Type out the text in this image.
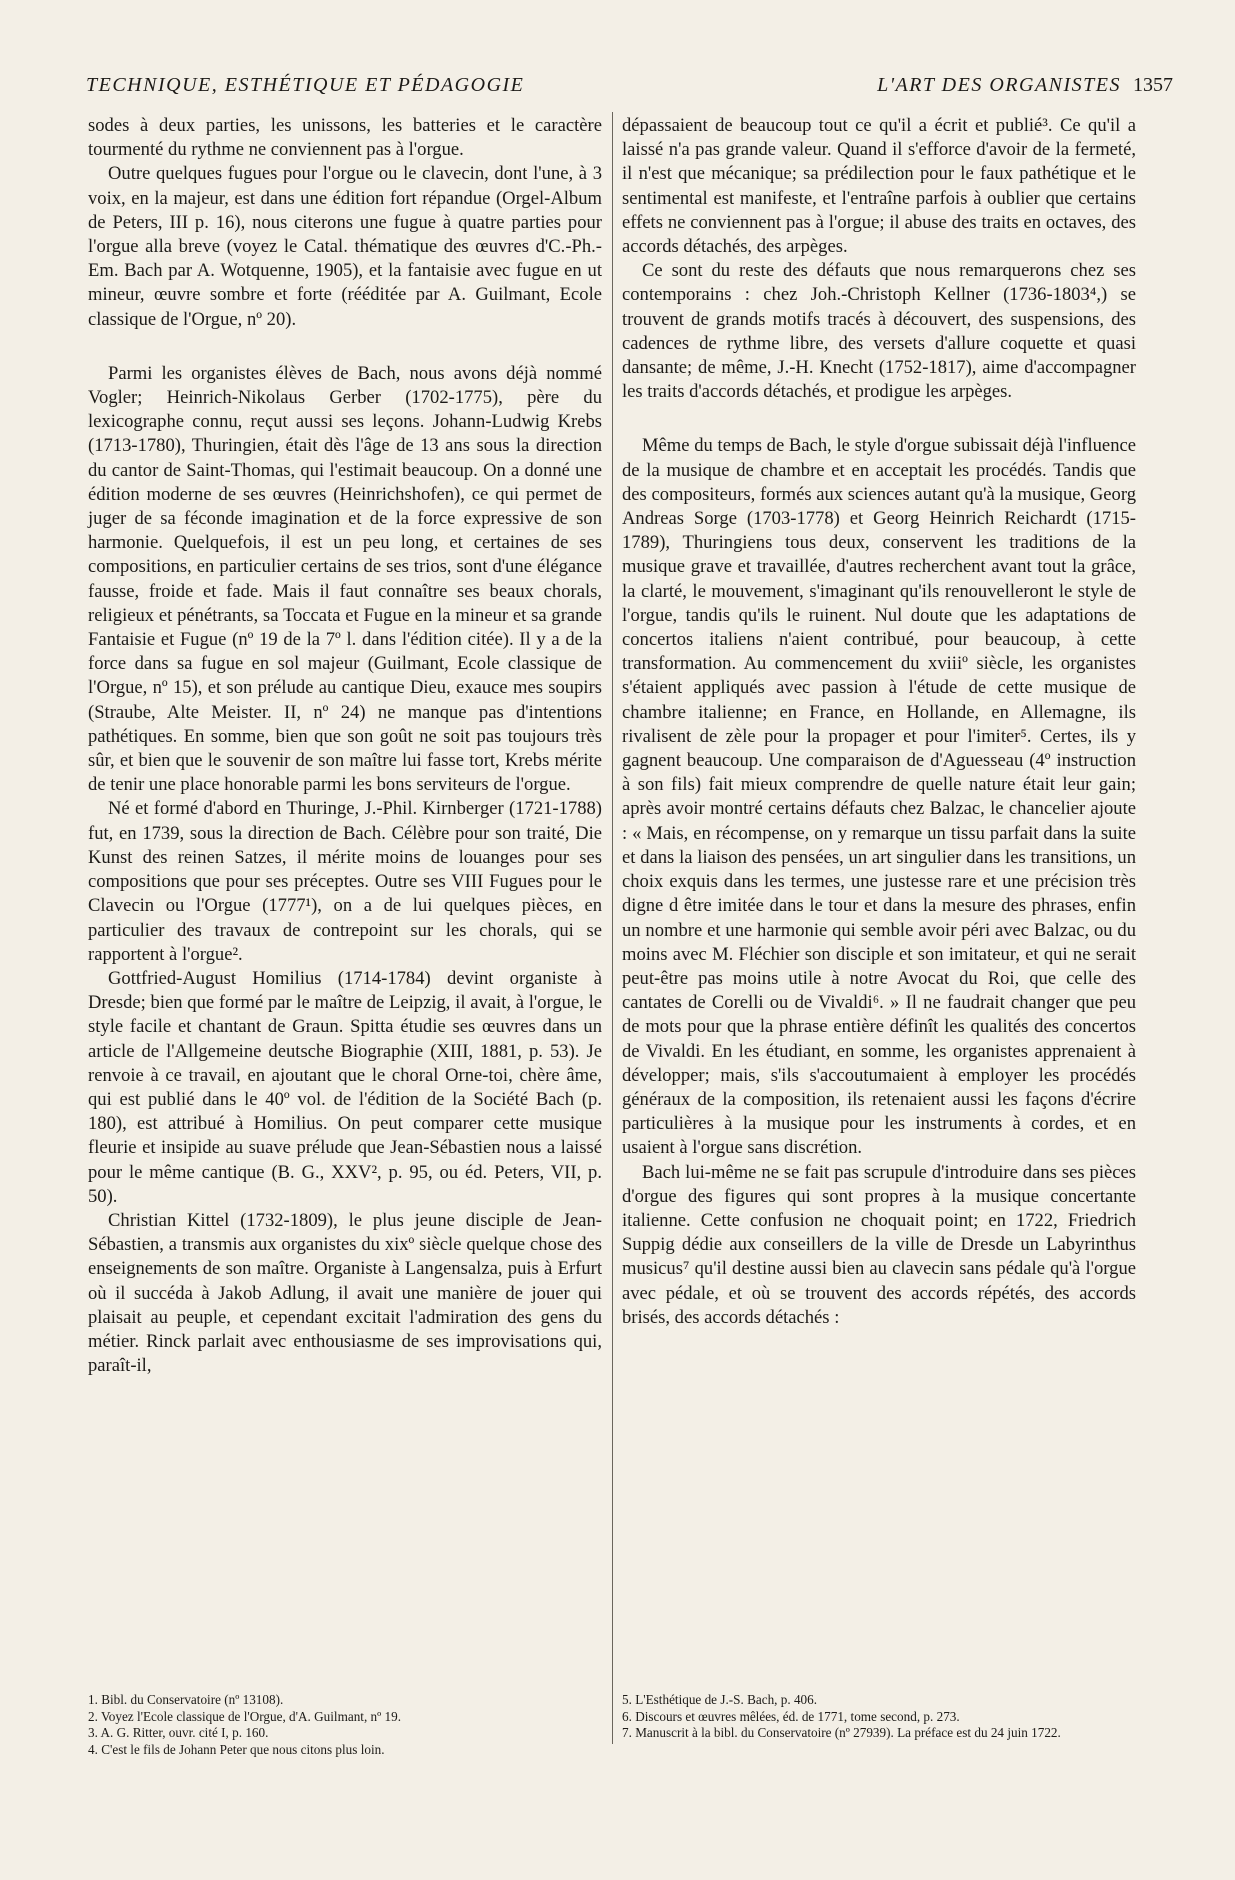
TECHNIQUE, ESTHÉTIQUE ET PÉDAGOGIE	L'ART DES ORGANISTES 1357

sodes à deux parties, les unissons, les batteries et le caractère tourmenté du rythme ne conviennent pas à l'orgue.

Outre quelques fugues pour l'orgue ou le clavecin, dont l'une, à 3 voix, en la majeur, est dans une édition fort répandue (Orgel-Album de Peters, III p. 16), nous citerons une fugue à quatre parties pour l'orgue alla breve (voyez le Catal. thématique des œuvres d'C.-Ph.-Em. Bach par A. Wotquenne, 1905), et la fantaisie avec fugue en ut mineur, œuvre sombre et forte (rééditée par A. Guilmant, Ecole classique de l'Orgue, nº 20).

Parmi les organistes élèves de Bach, nous avons déjà nommé Vogler; Heinrich-Nikolaus Gerber (1702-1775), père du lexicographe connu, reçut aussi ses leçons. Johann-Ludwig Krebs (1713-1780), Thuringien, était dès l'âge de 13 ans sous la direction du cantor de Saint-Thomas, qui l'estimait beaucoup. On a donné une édition moderne de ses œuvres (Heinrichshofen), ce qui permet de juger de sa féconde imagination et de la force expressive de son harmonie. Quelquefois, il est un peu long, et certaines de ses compositions, en particulier certains de ses trios, sont d'une élégance fausse, froide et fade. Mais il faut connaître ses beaux chorals, religieux et pénétrants, sa Toccata et Fugue en la mineur et sa grande Fantaisie et Fugue (nº 19 de la 7º l. dans l'édition citée). Il y a de la force dans sa fugue en sol majeur (Guilmant, Ecole classique de l'Orgue, nº 15), et son prélude au cantique Dieu, exauce mes soupirs (Straube, Alte Meister. II, nº 24) ne manque pas d'intentions pathétiques. En somme, bien que son goût ne soit pas toujours très sûr, et bien que le souvenir de son maître lui fasse tort, Krebs mérite de tenir une place honorable parmi les bons serviteurs de l'orgue.

Né et formé d'abord en Thuringe, J.-Phil. Kirnberger (1721-1788) fut, en 1739, sous la direction de Bach. Célèbre pour son traité, Die Kunst des reinen Satzes, il mérite moins de louanges pour ses compositions que pour ses préceptes. Outre ses VIII Fugues pour le Clavecin ou l'Orgue (1777¹), on a de lui quelques pièces, en particulier des travaux de contrepoint sur les chorals, qui se rapportent à l'orgue².

Gottfried-August Homilius (1714-1784) devint organiste à Dresde; bien que formé par le maître de Leipzig, il avait, à l'orgue, le style facile et chantant de Graun. Spitta étudie ses œuvres dans un article de l'Allgemeine deutsche Biographie (XIII, 1881, p. 53). Je renvoie à ce travail, en ajoutant que le choral Orne-toi, chère âme, qui est publié dans le 40º vol. de l'édition de la Société Bach (p. 180), est attribué à Homilius. On peut comparer cette musique fleurie et insipide au suave prélude que Jean-Sébastien nous a laissé pour le même cantique (B. G., XXV², p. 95, ou éd. Peters, VII, p. 50).

Christian Kittel (1732-1809), le plus jeune disciple de Jean-Sébastien, a transmis aux organistes du xixº siècle quelque chose des enseignements de son maître. Organiste à Langensalza, puis à Erfurt où il succéda à Jakob Adlung, il avait une manière de jouer qui plaisait au peuple, et cependant excitait l'admiration des gens du métier. Rinck parlait avec enthousiasme de ses improvisations qui, paraît-il,

dépassaient de beaucoup tout ce qu'il a écrit et publié³. Ce qu'il a laissé n'a pas grande valeur. Quand il s'efforce d'avoir de la fermeté, il n'est que mécanique; sa prédilection pour le faux pathétique et le sentimental est manifeste, et l'entraîne parfois à oublier que certains effets ne conviennent pas à l'orgue; il abuse des traits en octaves, des accords détachés, des arpèges.

Ce sont du reste des défauts que nous remarquerons chez ses contemporains : chez Joh.-Christoph Kellner (1736-1803⁴,) se trouvent de grands motifs tracés à découvert, des suspensions, des cadences de rythme libre, des versets d'allure coquette et quasi dansante; de même, J.-H. Knecht (1752-1817), aime d'accompagner les traits d'accords détachés, et prodigue les arpèges.

Même du temps de Bach, le style d'orgue subissait déjà l'influence de la musique de chambre et en acceptait les procédés. Tandis que des compositeurs, formés aux sciences autant qu'à la musique, Georg Andreas Sorge (1703-1778) et Georg Heinrich Reichardt (1715-1789), Thuringiens tous deux, conservent les traditions de la musique grave et travaillée, d'autres recherchent avant tout la grâce, la clarté, le mouvement, s'imaginant qu'ils renouvelleront le style de l'orgue, tandis qu'ils le ruinent. Nul doute que les adaptations de concertos italiens n'aient contribué, pour beaucoup, à cette transformation. Au commencement du xviiiº siècle, les organistes s'étaient appliqués avec passion à l'étude de cette musique de chambre italienne; en France, en Hollande, en Allemagne, ils rivalisent de zèle pour la propager et pour l'imiter⁵. Certes, ils y gagnent beaucoup. Une comparaison de d'Aguesseau (4º instruction à son fils) fait mieux comprendre de quelle nature était leur gain; après avoir montré certains défauts chez Balzac, le chancelier ajoute : « Mais, en récompense, on y remarque un tissu parfait dans la suite et dans la liaison des pensées, un art singulier dans les transitions, un choix exquis dans les termes, une justesse rare et une précision très digne d être imitée dans le tour et dans la mesure des phrases, enfin un nombre et une harmonie qui semble avoir péri avec Balzac, ou du moins avec M. Fléchier son disciple et son imitateur, et qui ne serait peut-être pas moins utile à notre Avocat du Roi, que celle des cantates de Corelli ou de Vivaldi⁶. » Il ne faudrait changer que peu de mots pour que la phrase entière définît les qualités des concertos de Vivaldi. En les étudiant, en somme, les organistes apprenaient à développer; mais, s'ils s'accoutumaient à employer les procédés généraux de la composition, ils retenaient aussi les façons d'écrire particulières à la musique pour les instruments à cordes, et en usaient à l'orgue sans discrétion.

Bach lui-même ne se fait pas scrupule d'introduire dans ses pièces d'orgue des figures qui sont propres à la musique concertante italienne. Cette confusion ne choquait point; en 1722, Friedrich Suppig dédie aux conseillers de la ville de Dresde un Labyrinthus musicus⁷ qu'il destine aussi bien au clavecin sans pédale qu'à l'orgue avec pédale, et où se trouvent des accords répétés, des accords brisés, des accords détachés :

1. Bibl. du Conservatoire (nº 13108).
2. Voyez l'Ecole classique de l'Orgue, d'A. Guilmant, nº 19.
3. A. G. Ritter, ouvr. cité I, p. 160.
4. C'est le fils de Johann Peter que nous citons plus loin.
5. L'Esthétique de J.-S. Bach, p. 406.
6. Discours et œuvres mêlées, éd. de 1771, tome second, p. 273.
7. Manuscrit à la bibl. du Conservatoire (nº 27939). La préface est du 24 juin 1722.
